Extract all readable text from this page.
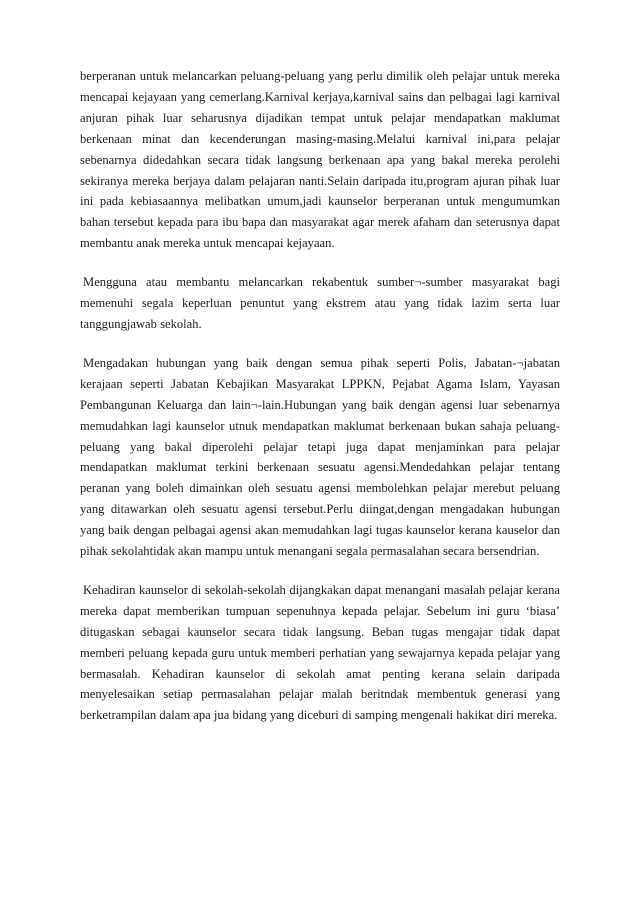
berperanan untuk melancarkan peluang-peluang yang perlu dimilik oleh pelajar untuk mereka mencapai kejayaan yang cemerlang.Karnival kerjaya,karnival sains dan pelbagai lagi karnival anjuran pihak luar seharusnya dijadikan tempat untuk pelajar mendapatkan maklumat berkenaan minat dan kecenderungan masing-masing.Melalui karnival ini,para pelajar sebenarnya didedahkan secara tidak langsung berkenaan apa yang bakal mereka perolehi sekiranya mereka berjaya dalam pelajaran nanti.Selain daripada itu,program ajuran pihak luar ini pada kebiasaannya melibatkan umum,jadi kaunselor berperanan untuk mengumumkan bahan tersebut kepada para ibu bapa dan masyarakat agar merek afaham dan seterusnya dapat membantu anak mereka untuk mencapai kejayaan.

Mengguna atau membantu melancarkan rekabentuk sumber¬-sumber masyarakat bagi memenuhi segala keperluan penuntut yang ekstrem atau yang tidak lazim serta luar tanggungjawab sekolah.

Mengadakan hubungan yang baik dengan semua pihak seperti Polis, Jabatan-¬jabatan kerajaan seperti Jabatan Kebajikan Masyarakat LPPKN, Pejabat Agama Islam, Yayasan Pembangunan Keluarga dan lain¬-lain.Hubungan yang baik dengan agensi luar sebenarnya memudahkan lagi kaunselor utnuk mendapatkan maklumat berkenaan bukan sahaja peluang-peluang yang bakal diperolehi pelajar tetapi juga dapat menjaminkan para pelajar mendapatkan maklumat terkini berkenaan sesuatu agensi.Mendedahkan pelajar tentang peranan yang boleh dimainkan oleh sesuatu agensi membolehkan pelajar merebut peluang yang ditawarkan oleh sesuatu agensi tersebut.Perlu diingat,dengan mengadakan hubungan yang baik dengan pelbagai agensi akan memudahkan lagi tugas kaunselor kerana kauselor dan pihak sekolahtidak akan mampu untuk menangani segala permasalahan secara bersendrian.

Kehadiran kaunselor di sekolah-sekolah dijangkakan dapat menangani masalah pelajar kerana mereka dapat memberikan tumpuan sepenuhnya kepada pelajar. Sebelum ini guru ‘biasa’ ditugaskan sebagai kaunselor secara tidak langsung. Beban tugas mengajar tidak dapat memberi peluang kepada guru untuk memberi perhatian yang sewajarnya kepada pelajar yang bermasalah. Kehadiran kaunselor di sekolah amat penting kerana selain daripada menyelesaikan setiap permasalahan pelajar malah beritndak membentuk generasi yang berketrampilan dalam apa jua bidang yang diceburi di samping mengenali hakikat diri mereka.
